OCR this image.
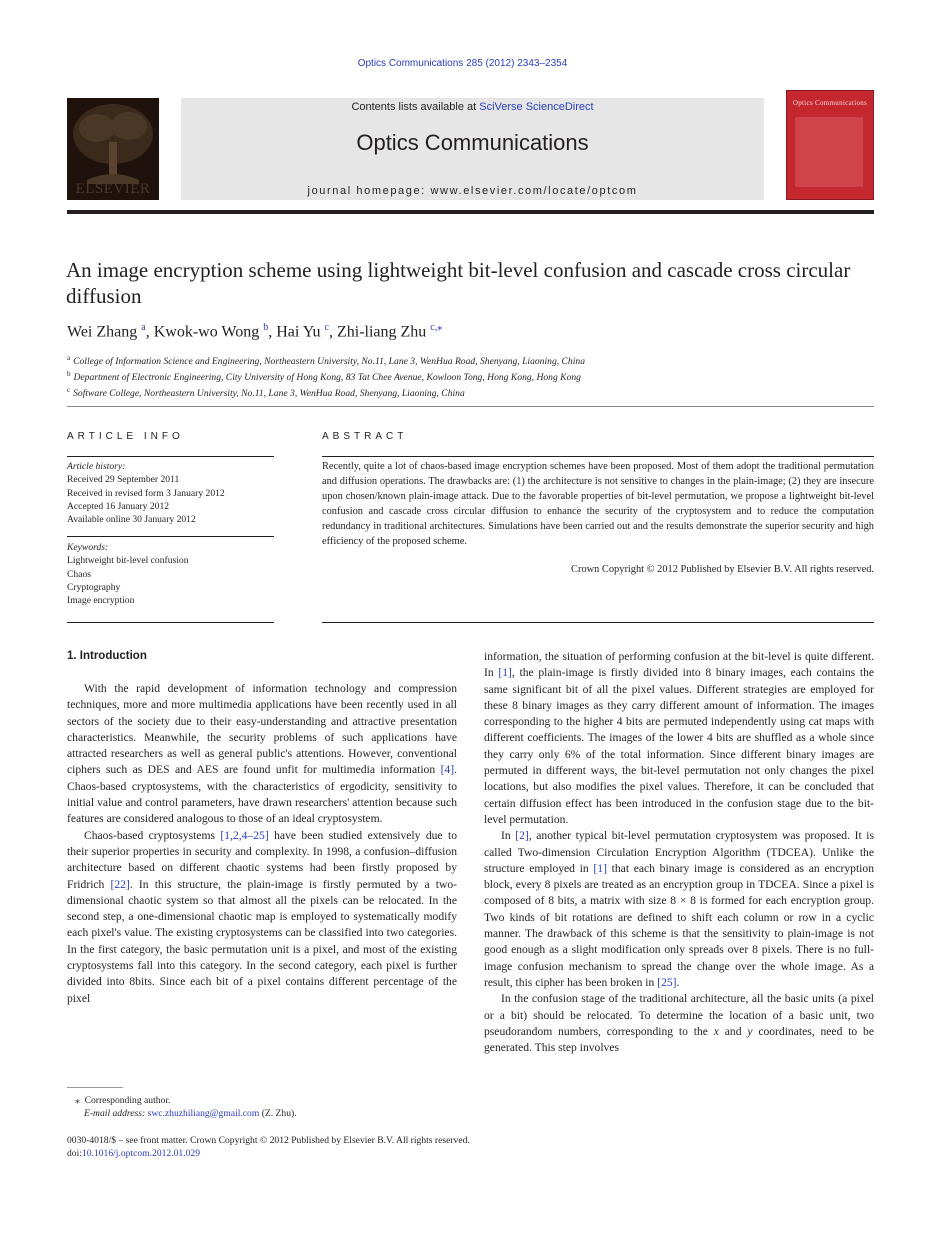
Optics Communications 285 (2012) 2343–2354
ELSEVIER
Contents lists available at SciVerse ScienceDirect
Optics Communications
journal homepage: www.elsevier.com/locate/optcom
Optics Communications
An image encryption scheme using lightweight bit-level confusion and cascade cross circular diffusion
Wei Zhang $^a$, Kwok-wo Wong $^b$, Hai Yu $^c$, Zhi-liang Zhu $^{c,⁎}$
$^a$ College of Information Science and Engineering, Northeastern University, No.11, Lane 3, WenHua Road, Shenyang, Liaoning, China
$^b$ Department of Electronic Engineering, City University of Hong Kong, 83 Tat Chee Avenue, Kowloon Tong, Hong Kong, Hong Kong
$^c$ Software College, Northeastern University, No.11, Lane 3, WenHua Road, Shenyang, Liaoning, China
ARTICLE INFO
Article history:
Received 29 September 2011
Received in revised form 3 January 2012
Accepted 16 January 2012
Available online 30 January 2012
Keywords:
Lightweight bit-level confusion
Chaos
Cryptography
Image encryption
ABSTRACT
Recently, quite a lot of chaos-based image encryption schemes have been proposed. Most of them adopt the traditional permutation and diffusion operations. The drawbacks are: (1) the architecture is not sensitive to changes in the plain-image; (2) they are insecure upon chosen/known plain-image attack. Due to the favorable properties of bit-level permutation, we propose a lightweight bit-level confusion and cascade cross circular diffusion to enhance the security of the cryptosystem and to reduce the computation redundancy in traditional architectures. Simulations have been carried out and the results demonstrate the superior security and high efficiency of the proposed scheme.
Crown Copyright © 2012 Published by Elsevier B.V. All rights reserved.
1. Introduction

With the rapid development of information technology and compression techniques, more and more multimedia applications have been recently used in all sectors of the society due to their easy-understanding and attractive presentation characteristics. Meanwhile, the security problems of such applications have attracted researchers as well as general public's attentions. However, conventional ciphers such as DES and AES are found unfit for multimedia information [4]. Chaos-based cryptosystems, with the characteristics of ergodicity, sensitivity to initial value and control parameters, have drawn researchers' attention because such features are considered analogous to those of an ideal cryptosystem.

Chaos-based cryptosystems [1,2,4–25] have been studied extensively due to their superior properties in security and complexity. In 1998, a confusion–diffusion architecture based on different chaotic systems had been firstly proposed by Fridrich [22]. In this structure, the plain-image is firstly permuted by a two-dimensional chaotic system so that almost all the pixels can be relocated. In the second step, a one-dimensional chaotic map is employed to systematically modify each pixel's value. The existing cryptosystems can be classified into two categories. In the first category, the basic permutation unit is a pixel, and most of the existing cryptosystems fall into this category. In the second category, each pixel is further divided into 8bits. Since each bit of a pixel contains different percentage of the pixel

information, the situation of performing confusion at the bit-level is quite different. In [1], the plain-image is firstly divided into 8 binary images, each contains the same significant bit of all the pixel values. Different strategies are employed for these 8 binary images as they carry different amount of information. The images corresponding to the higher 4 bits are permuted independently using cat maps with different coefficients. The images of the lower 4 bits are shuffled as a whole since they carry only 6% of the total information. Since different binary images are permuted in different ways, the bit-level permutation not only changes the pixel locations, but also modifies the pixel values. Therefore, it can be concluded that certain diffusion effect has been introduced in the confusion stage due to the bit-level permutation.

In [2], another typical bit-level permutation cryptosystem was proposed. It is called Two-dimension Circulation Encryption Algorithm (TDCEA). Unlike the structure employed in [1] that each binary image is considered as an encryption block, every 8 pixels are treated as an encryption group in TDCEA. Since a pixel is composed of 8 bits, a matrix with size 8 × 8 is formed for each encryption group. Two kinds of bit rotations are defined to shift each column or row in a cyclic manner. The drawback of this scheme is that the sensitivity to plain-image is not good enough as a slight modification only spreads over 8 pixels. There is no full-image confusion mechanism to spread the change over the whole image. As a result, this cipher has been broken in [25].

In the confusion stage of the traditional architecture, all the basic units (a pixel or a bit) should be relocated. To determine the location of a basic unit, two pseudorandom numbers, corresponding to the x and y coordinates, need to be generated. This step involves

⁎ Corresponding author.
E-mail address: swc.zhuzhiliang@gmail.com (Z. Zhu).
0030-4018/$ – see front matter. Crown Copyright © 2012 Published by Elsevier B.V. All rights reserved.
doi:10.1016/j.optcom.2012.01.029
